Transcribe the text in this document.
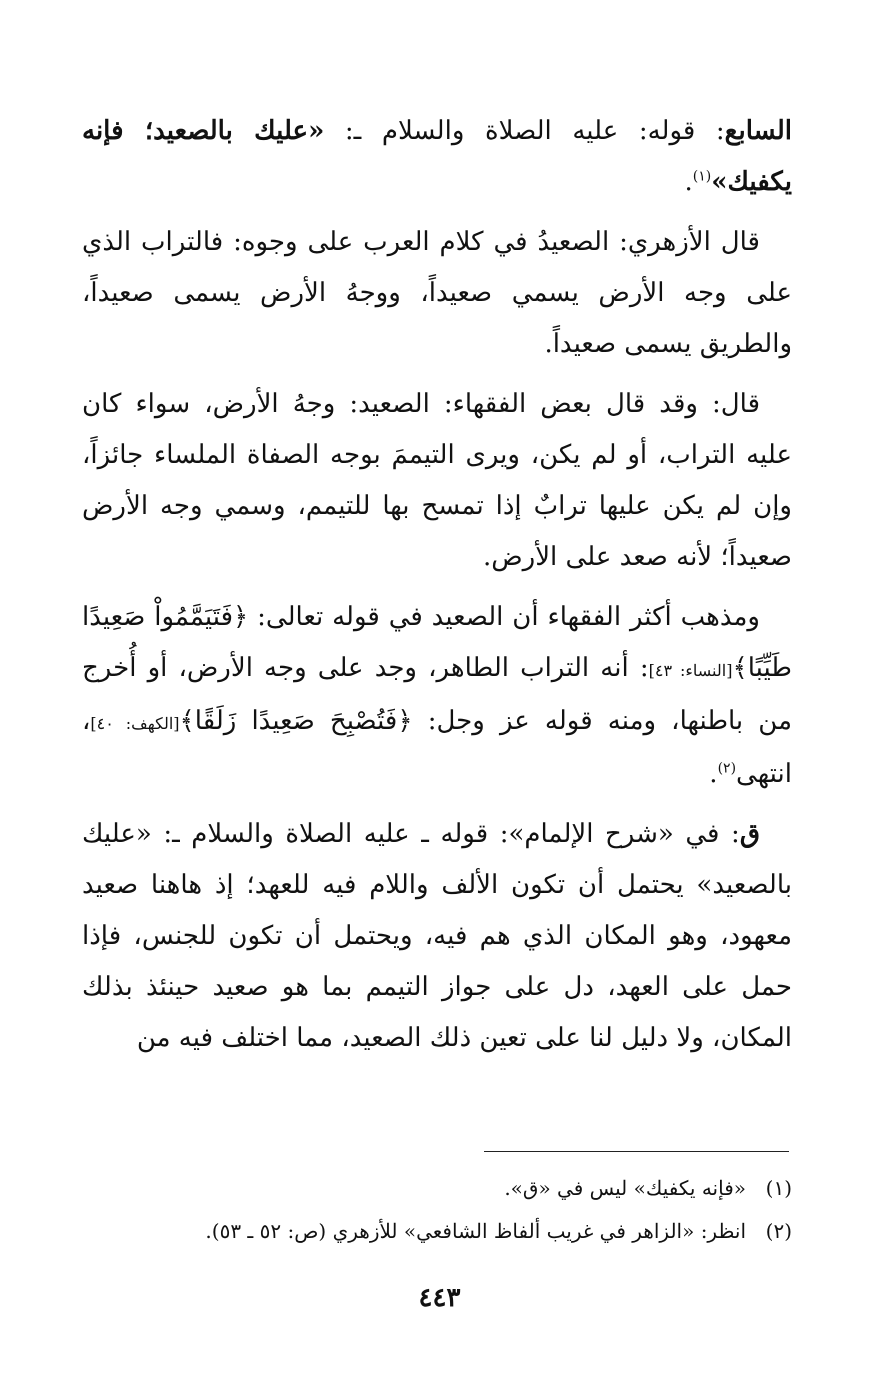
السابع: قوله: عليه الصلاة والسلام ـ: «عليك بالصعيد؛ فإنه يكفيك»$^{(١)}$.

قال الأزهري: الصعيدُ في كلام العرب على وجوه: فالتراب الذي على وجه الأرض يسمي صعيداً، ووجهُ الأرض يسمى صعيداً، والطريق يسمى صعيداً.

قال: وقد قال بعض الفقهاء: الصعيد: وجهُ الأرض، سواء كان عليه التراب، أو لم يكن، ويرى التيممَ بوجه الصفاة الملساء جائزاً، وإن لم يكن عليها ترابٌ إذا تمسح بها للتيمم، وسمي وجه الأرض صعيداً؛ لأنه صعد على الأرض.

ومذهب أكثر الفقهاء أن الصعيد في قوله تعالى: ﴿فَتَيَمَّمُواْ صَعِيدًا طَيِّبًا﴾[النساء: ٤٣]: أنه التراب الطاهر، وجد على وجه الأرض، أو أُخرج من باطنها، ومنه قوله عز وجل: ﴿فَتُصْبِحَ صَعِيدًا زَلَقًا﴾[الكهف: ٤٠]، انتهى$^{(٢)}$.

ق: في «شرح الإلمام»: قوله ـ عليه الصلاة والسلام ـ: «عليك بالصعيد» يحتمل أن تكون الألف واللام فيه للعهد؛ إذ هاهنا صعيد معهود، وهو المكان الذي هم فيه، ويحتمل أن تكون للجنس، فإذا حمل على العهد، دل على جواز التيمم بما هو صعيد حينئذ بذلك المكان، ولا دليل لنا على تعين ذلك الصعيد، مما اختلف فيه من

(١)«فإنه يكفيك» ليس في «ق».

(٢)انظر: «الزاهر في غريب ألفاظ الشافعي» للأزهري (ص: ٥٢ ـ ٥٣).

٤٤٣
